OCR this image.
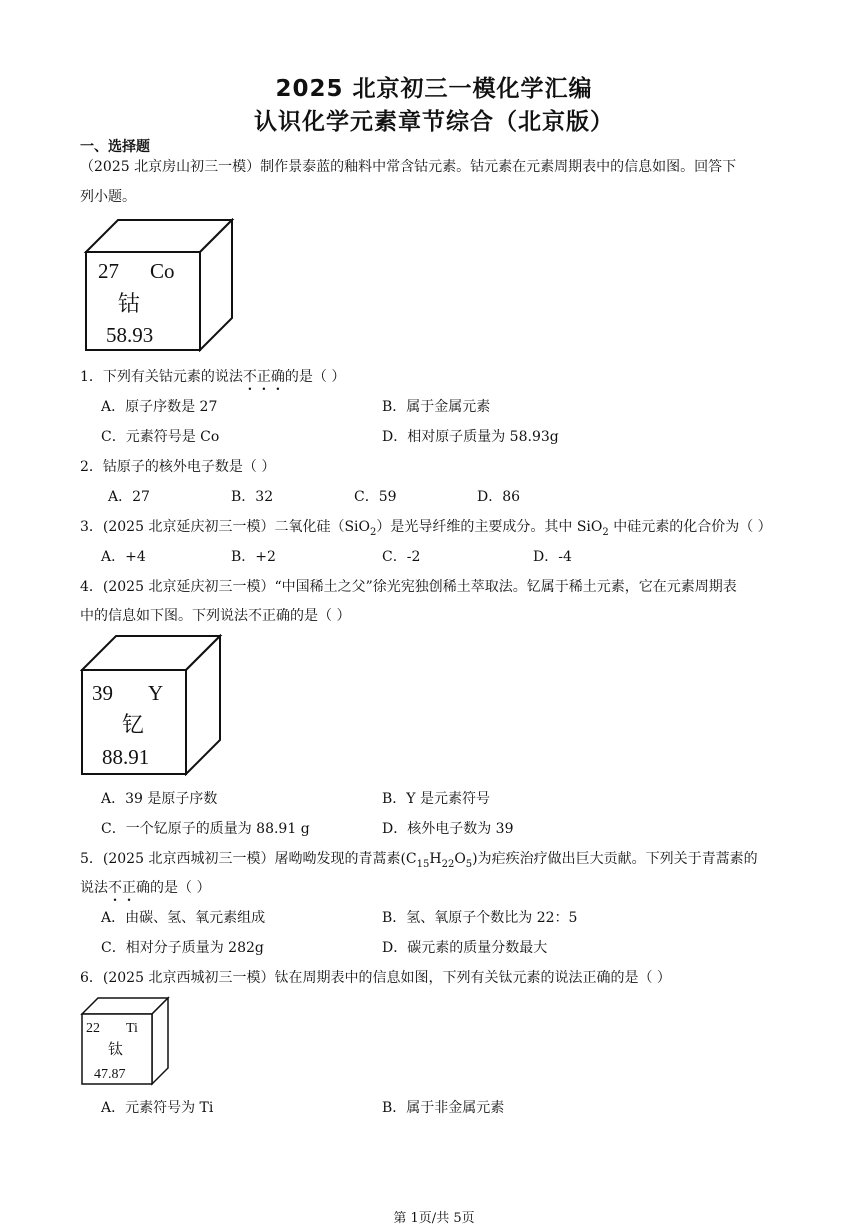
2025 北京初三一模化学汇编
认识化学元素章节综合（北京版）
一、选择题
（2025 北京房山初三一模）制作景泰蓝的釉料中常含钴元素。钴元素在元素周期表中的信息如图。回答下
列小题。
27 Co
钴
58.93
1．下列有关钴元素的说法不正确的是（ ）
A．原子序数是 27	B．属于金属元素
C．元素符号是 Co	D．相对原子质量为 58.93g
2．钴原子的核外电子数是（ ）
A．27	B．32	C．59	D．86
3．(2025 北京延庆初三一模）二氧化硅（SiO$_2$）是光导纤维的主要成分。其中 SiO$_2$ 中硅元素的化合价为（ ）
A．+4	B．+2	C．-2	D．-4
4．(2025 北京延庆初三一模）“中国稀土之父”徐光宪独创稀土萃取法。钇属于稀土元素，它在元素周期表
中的信息如下图。下列说法不正确的是（ ）
39 Y
钇
88.91
A．39 是原子序数	B．Y 是元素符号
C．一个钇原子的质量为 88.91 g	D．核外电子数为 39
5．(2025 北京西城初三一模）屠呦呦发现的青蒿素$(C_{15}H_{22}O_5)$为疟疾治疗做出巨大贡献。下列关于青蒿素的
说法不正确的是（ ）
A．由碳、氢、氧元素组成	B．氢、氧原子个数比为 22：5
C．相对分子质量为 282g	D．碳元素的质量分数最大
6．(2025 北京西城初三一模）钛在周期表中的信息如图，下列有关钛元素的说法正确的是（ ）
22 Ti
钛
47.87
A．元素符号为 Ti	B．属于非金属元素
第 1页/共 5页
